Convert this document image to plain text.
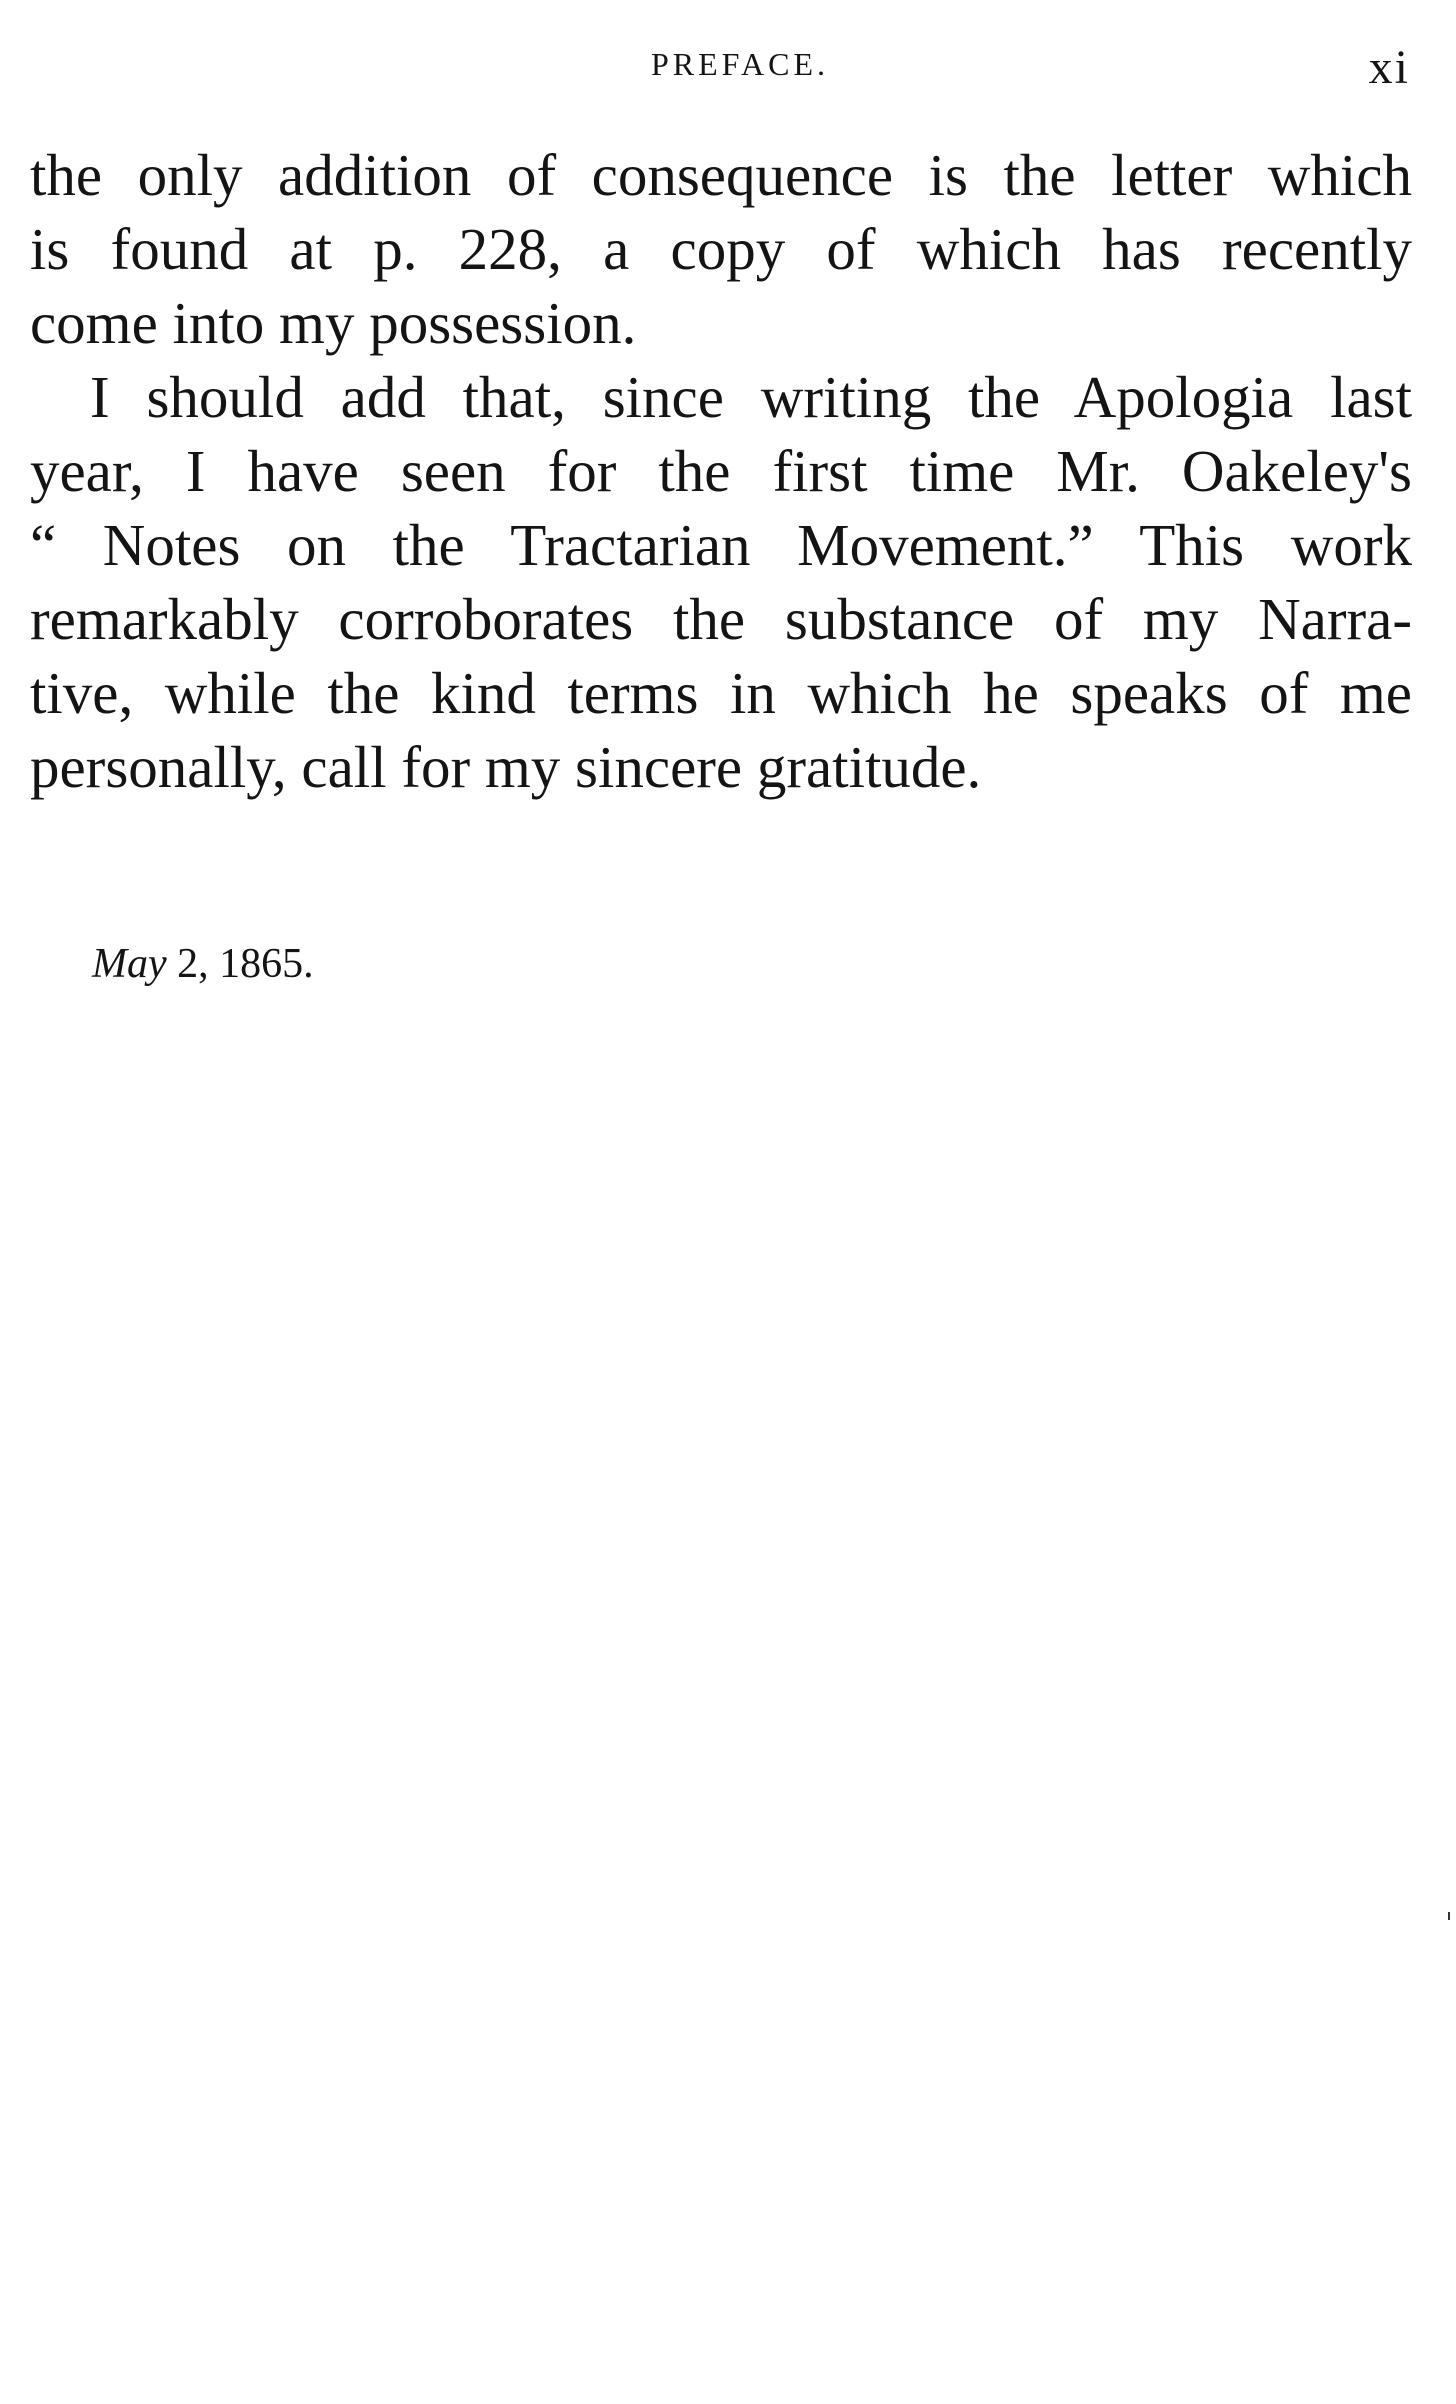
PREFACE.	xi
the only addition of consequence is the letter which
is found at p. 228, a copy of which has recently
come into my possession.
I should add that, since writing the Apologia last
year, I have seen for the first time Mr. Oakeley's
“ Notes on the Tractarian Movement.” This work
remarkably corroborates the substance of my Narra-
tive, while the kind terms in which he speaks of me
personally, call for my sincere gratitude.
May 2, 1865.
